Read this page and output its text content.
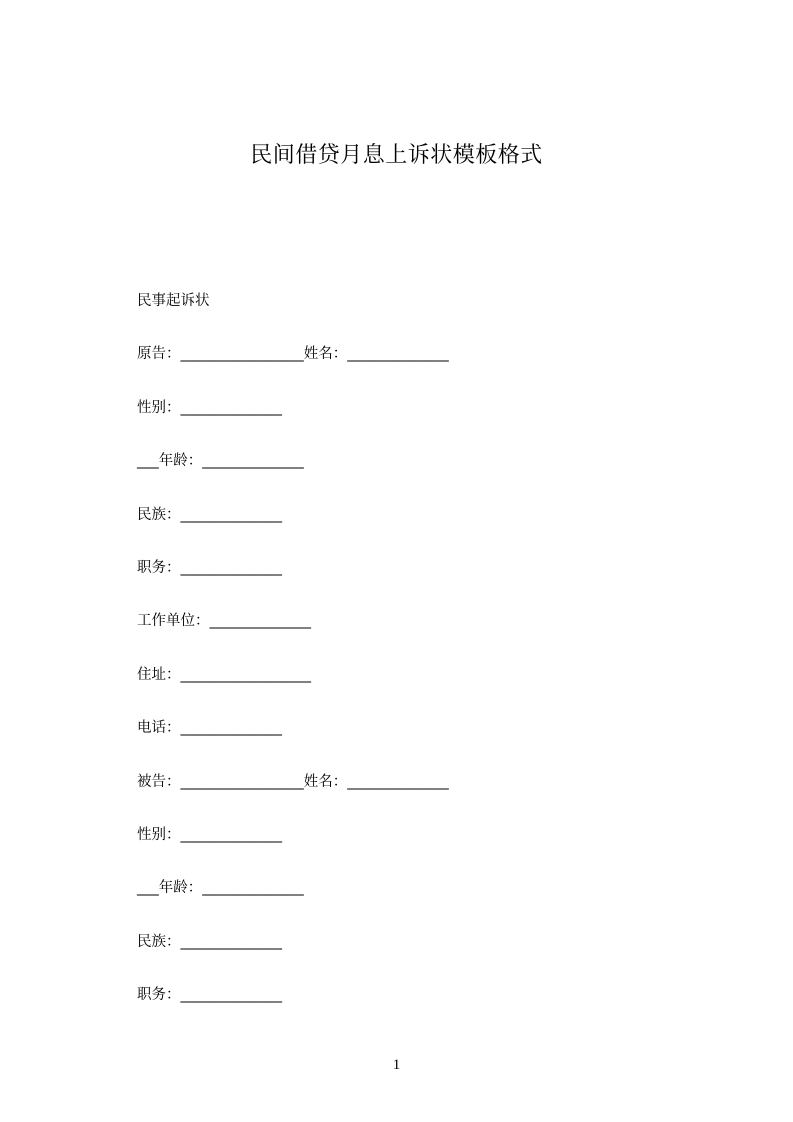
民间借贷月息上诉状模板格式
民事起诉状
原告：_________________姓名：______________
性别：______________
___年龄：______________
民族：______________
职务：______________
工作单位：______________
住址：__________________
电话：______________
被告：_________________姓名：______________
性别：______________
___年龄：______________
民族：______________
职务：______________
1
